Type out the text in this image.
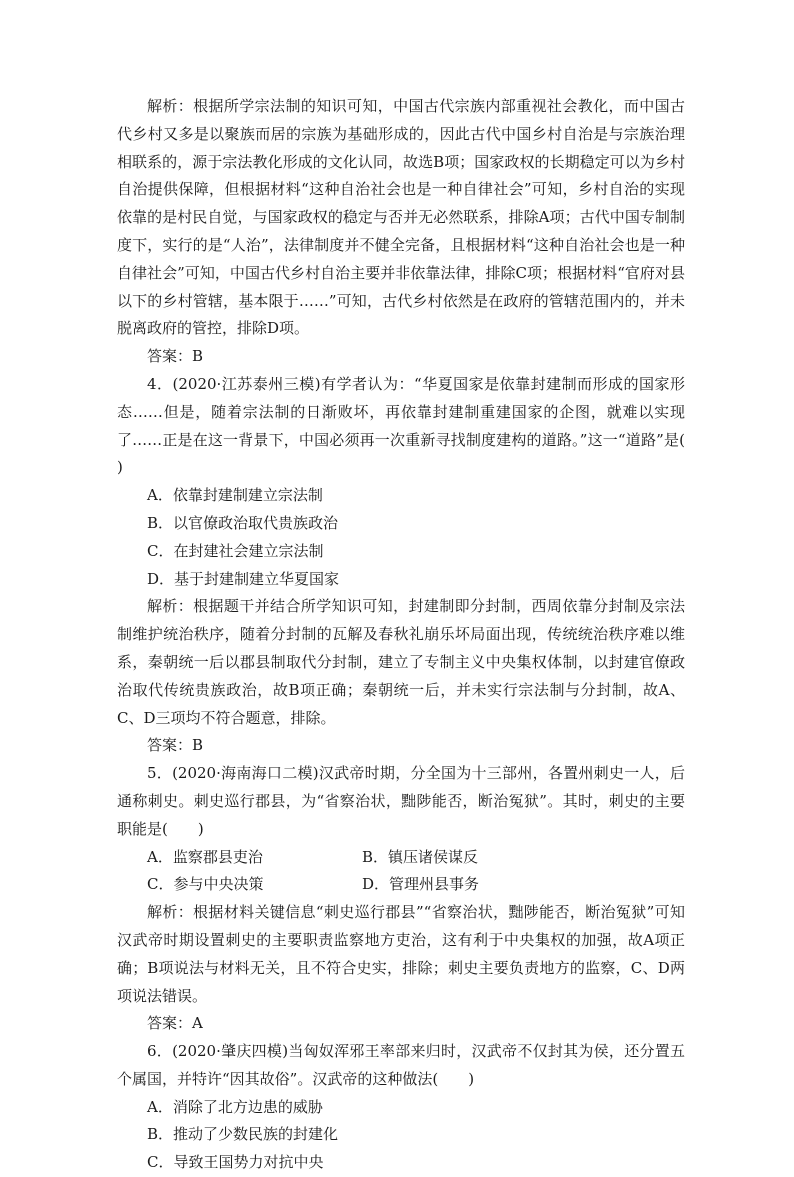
解析：根据所学宗法制的知识可知，中国古代宗族内部重视社会教化，而中国古代乡村又多是以聚族而居的宗族为基础形成的，因此古代中国乡村自治是与宗族治理相联系的，源于宗法教化形成的文化认同，故选B项；国家政权的长期稳定可以为乡村自治提供保障，但根据材料“这种自治社会也是一种自律社会”可知，乡村自治的实现依靠的是村民自觉，与国家政权的稳定与否并无必然联系，排除A项；古代中国专制制度下，实行的是“人治”，法律制度并不健全完备，且根据材料“这种自治社会也是一种自律社会”可知，中国古代乡村自治主要并非依靠法律，排除C项；根据材料“官府对县以下的乡村管辖，基本限于……”可知，古代乡村依然是在政府的管辖范围内的，并未脱离政府的管控，排除D项。

答案：B

4．(2020·江苏泰州三模)有学者认为：“华夏国家是依靠封建制而形成的国家形态……但是，随着宗法制的日渐败坏，再依靠封建制重建国家的企图，就难以实现了……正是在这一背景下，中国必须再一次重新寻找制度建构的道路。”这一“道路”是(　　)

A．依靠封建制建立宗法制

B．以官僚政治取代贵族政治

C．在封建社会建立宗法制

D．基于封建制建立华夏国家

解析：根据题干并结合所学知识可知，封建制即分封制，西周依靠分封制及宗法制维护统治秩序，随着分封制的瓦解及春秋礼崩乐坏局面出现，传统统治秩序难以维系，秦朝统一后以郡县制取代分封制，建立了专制主义中央集权体制，以封建官僚政治取代传统贵族政治，故B项正确；秦朝统一后，并未实行宗法制与分封制，故A、C、D三项均不符合题意，排除。

答案：B

5．(2020·海南海口二模)汉武帝时期，分全国为十三部州，各置州刺史一人，后通称刺史。刺史巡行郡县，为“省察治状，黜陟能否，断治冤狱”。其时，刺史的主要职能是(　　)

A．监察郡县吏治	B．镇压诸侯谋反
C．参与中央决策	D．管理州县事务

解析：根据材料关键信息“刺史巡行郡县”“省察治状，黜陟能否，断治冤狱”可知汉武帝时期设置刺史的主要职责监察地方吏治，这有利于中央集权的加强，故A项正确；B项说法与材料无关，且不符合史实，排除；刺史主要负责地方的监察，C、D两项说法错误。

答案：A

6．(2020·肇庆四模)当匈奴浑邪王率部来归时，汉武帝不仅封其为侯，还分置五个属国，并特许“因其故俗”。汉武帝的这种做法(　　)

A．消除了北方边患的威胁

B．推动了少数民族的封建化

C．导致王国势力对抗中央
